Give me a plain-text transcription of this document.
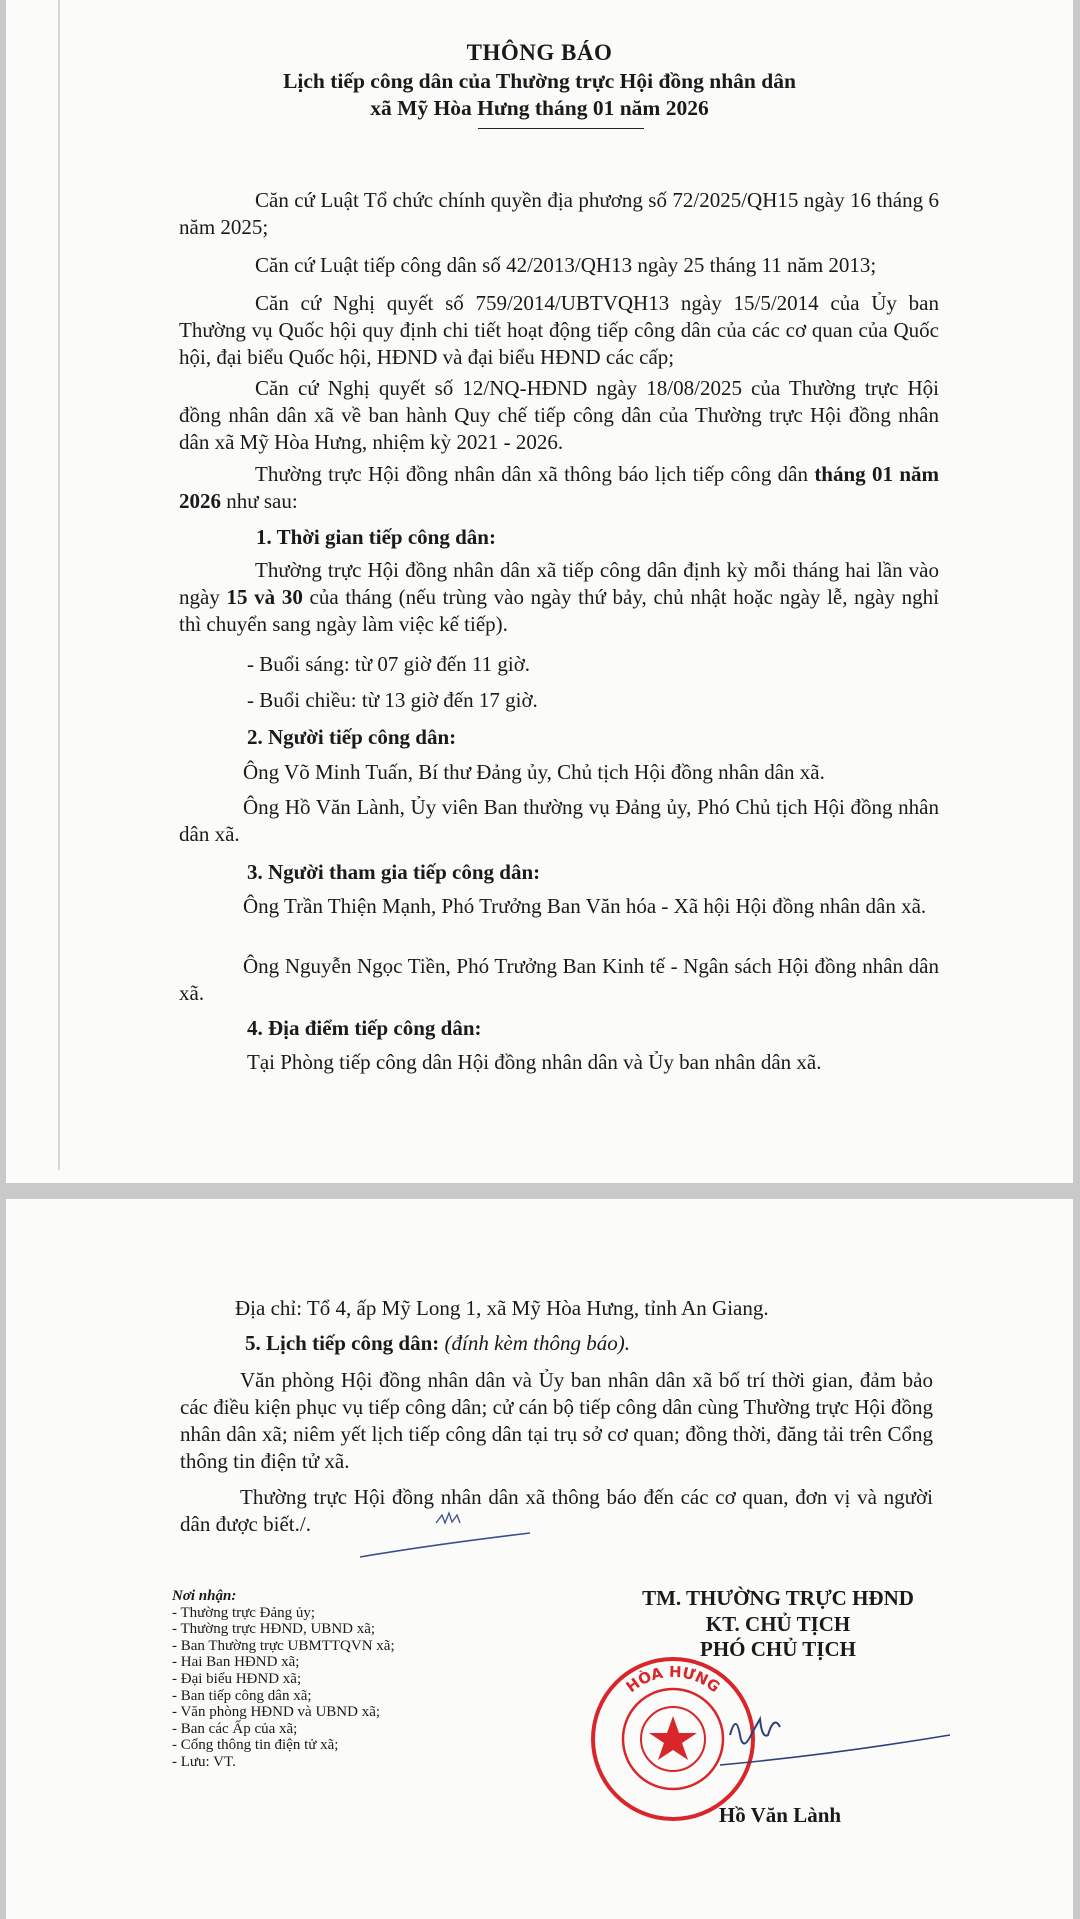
THÔNG BÁO
Lịch tiếp công dân của Thường trực Hội đồng nhân dân
xã Mỹ Hòa Hưng tháng 01 năm 2026

Căn cứ Luật Tổ chức chính quyền địa phương số 72/2025/QH15 ngày 16 tháng 6 năm 2025;

Căn cứ Luật tiếp công dân số 42/2013/QH13 ngày 25 tháng 11 năm 2013;

Căn cứ Nghị quyết số 759/2014/UBTVQH13 ngày 15/5/2014 của Ủy ban Thường vụ Quốc hội quy định chi tiết hoạt động tiếp công dân của các cơ quan của Quốc hội, đại biểu Quốc hội, HĐND và đại biểu HĐND các cấp;

Căn cứ Nghị quyết số 12/NQ-HĐND ngày 18/08/2025 của Thường trực Hội đồng nhân dân xã về ban hành Quy chế tiếp công dân của Thường trực Hội đồng nhân dân xã Mỹ Hòa Hưng, nhiệm kỳ 2021 - 2026.

Thường trực Hội đồng nhân dân xã thông báo lịch tiếp công dân tháng 01 năm 2026 như sau:

1. Thời gian tiếp công dân:

Thường trực Hội đồng nhân dân xã tiếp công dân định kỳ mỗi tháng hai lần vào ngày 15 và 30 của tháng (nếu trùng vào ngày thứ bảy, chủ nhật hoặc ngày lễ, ngày nghỉ thì chuyển sang ngày làm việc kế tiếp).

- Buổi sáng: từ 07 giờ đến 11 giờ.
- Buổi chiều: từ 13 giờ đến 17 giờ.
2. Người tiếp công dân:

Ông Võ Minh Tuấn, Bí thư Đảng ủy, Chủ tịch Hội đồng nhân dân xã.

Ông Hồ Văn Lành, Ủy viên Ban thường vụ Đảng ủy, Phó Chủ tịch Hội đồng nhân dân xã.

3. Người tham gia tiếp công dân:

Ông Trần Thiện Mạnh, Phó Trưởng Ban Văn hóa - Xã hội Hội đồng nhân dân xã.

Ông Nguyễn Ngọc Tiền, Phó Trưởng Ban Kinh tế - Ngân sách Hội đồng nhân dân xã.

4. Địa điểm tiếp công dân:
Tại Phòng tiếp công dân Hội đồng nhân dân và Ủy ban nhân dân xã.
Địa chỉ: Tổ 4, ấp Mỹ Long 1, xã Mỹ Hòa Hưng, tỉnh An Giang.
5. Lịch tiếp công dân: (đính kèm thông báo).

Văn phòng Hội đồng nhân dân và Ủy ban nhân dân xã bố trí thời gian, đảm bảo các điều kiện phục vụ tiếp công dân; cử cán bộ tiếp công dân cùng Thường trực Hội đồng nhân dân xã; niêm yết lịch tiếp công dân tại trụ sở cơ quan; đồng thời, đăng tải trên Cổng thông tin điện tử xã.

Thường trực Hội đồng nhân dân xã thông báo đến các cơ quan, đơn vị và người dân được biết./.

Nơi nhận:
- Thường trực Đảng ủy;
- Thường trực HĐND, UBND xã;
- Ban Thường trực UBMTTQVN xã;
- Hai Ban HĐND xã;
- Đại biểu HĐND xã;
- Ban tiếp công dân xã;
- Văn phòng HĐND và UBND xã;
- Ban các Ấp của xã;
- Cổng thông tin điện tử xã;
- Lưu: VT.
TM. THƯỜNG TRỰC HĐND
KT. CHỦ TỊCH
PHÓ CHỦ TỊCH
HÒA HƯNG
Hồ Văn Lành
